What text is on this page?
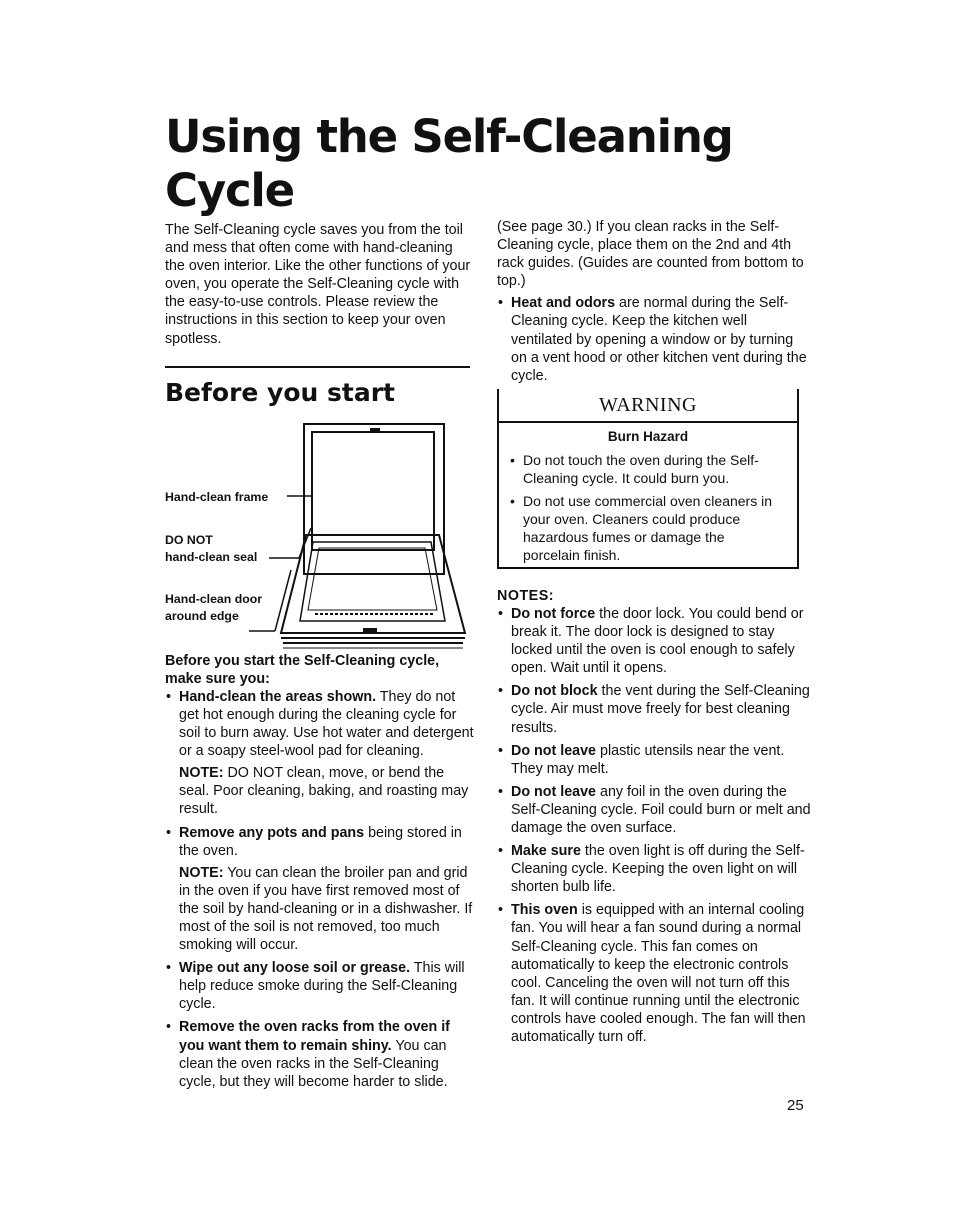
Using the Self-Cleaning Cycle

The Self-Cleaning cycle saves you from the toil and mess that often come with hand-cleaning the oven interior. Like the other functions of your oven, you operate the Self-Cleaning cycle with the easy-to-use controls. Please review the instructions in this section to keep your oven spotless.

Before you start
Hand-clean frame
DO NOT
hand-clean seal
Hand-clean door
around edge

Before you start the Self-Cleaning cycle, make sure you:

• Hand-clean the areas shown. They do not get hot enough during the cleaning cycle for soil to burn away. Use hot water and detergent or a soapy steel-wool pad for cleaning.

NOTE: DO NOT clean, move, or bend the seal. Poor cleaning, baking, and roasting may result.

• Remove any pots and pans being stored in the oven.

NOTE: You can clean the broiler pan and grid in the oven if you have first removed most of the soil by hand-cleaning or in a dishwasher. If most of the soil is not removed, too much smoking will occur.

• Wipe out any loose soil or grease. This will help reduce smoke during the Self-Cleaning cycle.
• Remove the oven racks from the oven if you want them to remain shiny. You can clean the oven racks in the Self-Cleaning cycle, but they will become harder to slide.

(See page 30.) If you clean racks in the Self-Cleaning cycle, place them on the 2nd and 4th rack guides. (Guides are counted from bottom to top.)

• Heat and odors are normal during the Self-Cleaning cycle. Keep the kitchen well ventilated by opening a window or by turning on a vent hood or other kitchen vent during the cycle.
WARNING
Burn Hazard
• Do not touch the oven during the Self-Cleaning cycle. It could burn you.
• Do not use commercial oven cleaners in your oven. Cleaners could produce hazardous fumes or damage the porcelain finish.

NOTES:

• Do not force the door lock. You could bend or break it. The door lock is designed to stay locked until the oven is cool enough to safely open. Wait until it opens.
• Do not block the vent during the Self-Cleaning cycle. Air must move freely for best cleaning results.
• Do not leave plastic utensils near the vent. They may melt.
• Do not leave any foil in the oven during the Self-Cleaning cycle. Foil could burn or melt and damage the oven surface.
• Make sure the oven light is off during the Self-Cleaning cycle. Keeping the oven light on will shorten bulb life.
• This oven is equipped with an internal cooling fan. You will hear a fan sound during a normal Self-Cleaning cycle. This fan comes on automatically to keep the electronic controls cool. Canceling the oven will not turn off this fan. It will continue running until the electronic controls have cooled enough. The fan will then automatically turn off.
25
